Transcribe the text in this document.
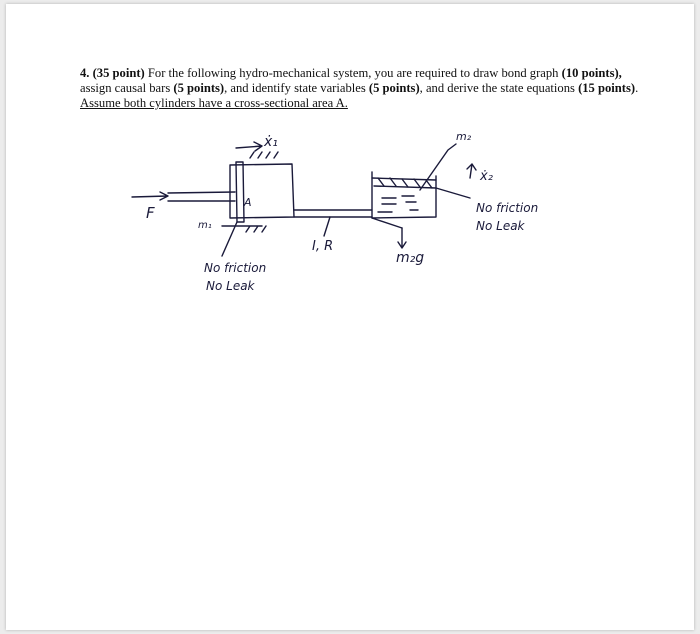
4. (35 point) For the following hydro-mechanical system, you are required to draw bond graph (10 points), assign causal bars (5 points), and identify state variables (5 points), and derive the state equations (15 points). Assume both cylinders have a cross-sectional area A.

F
m₁
A
ẋ₁
I, R
m₂g
m₂
ẋ₂
No friction
No Leak
No friction
No Leak
